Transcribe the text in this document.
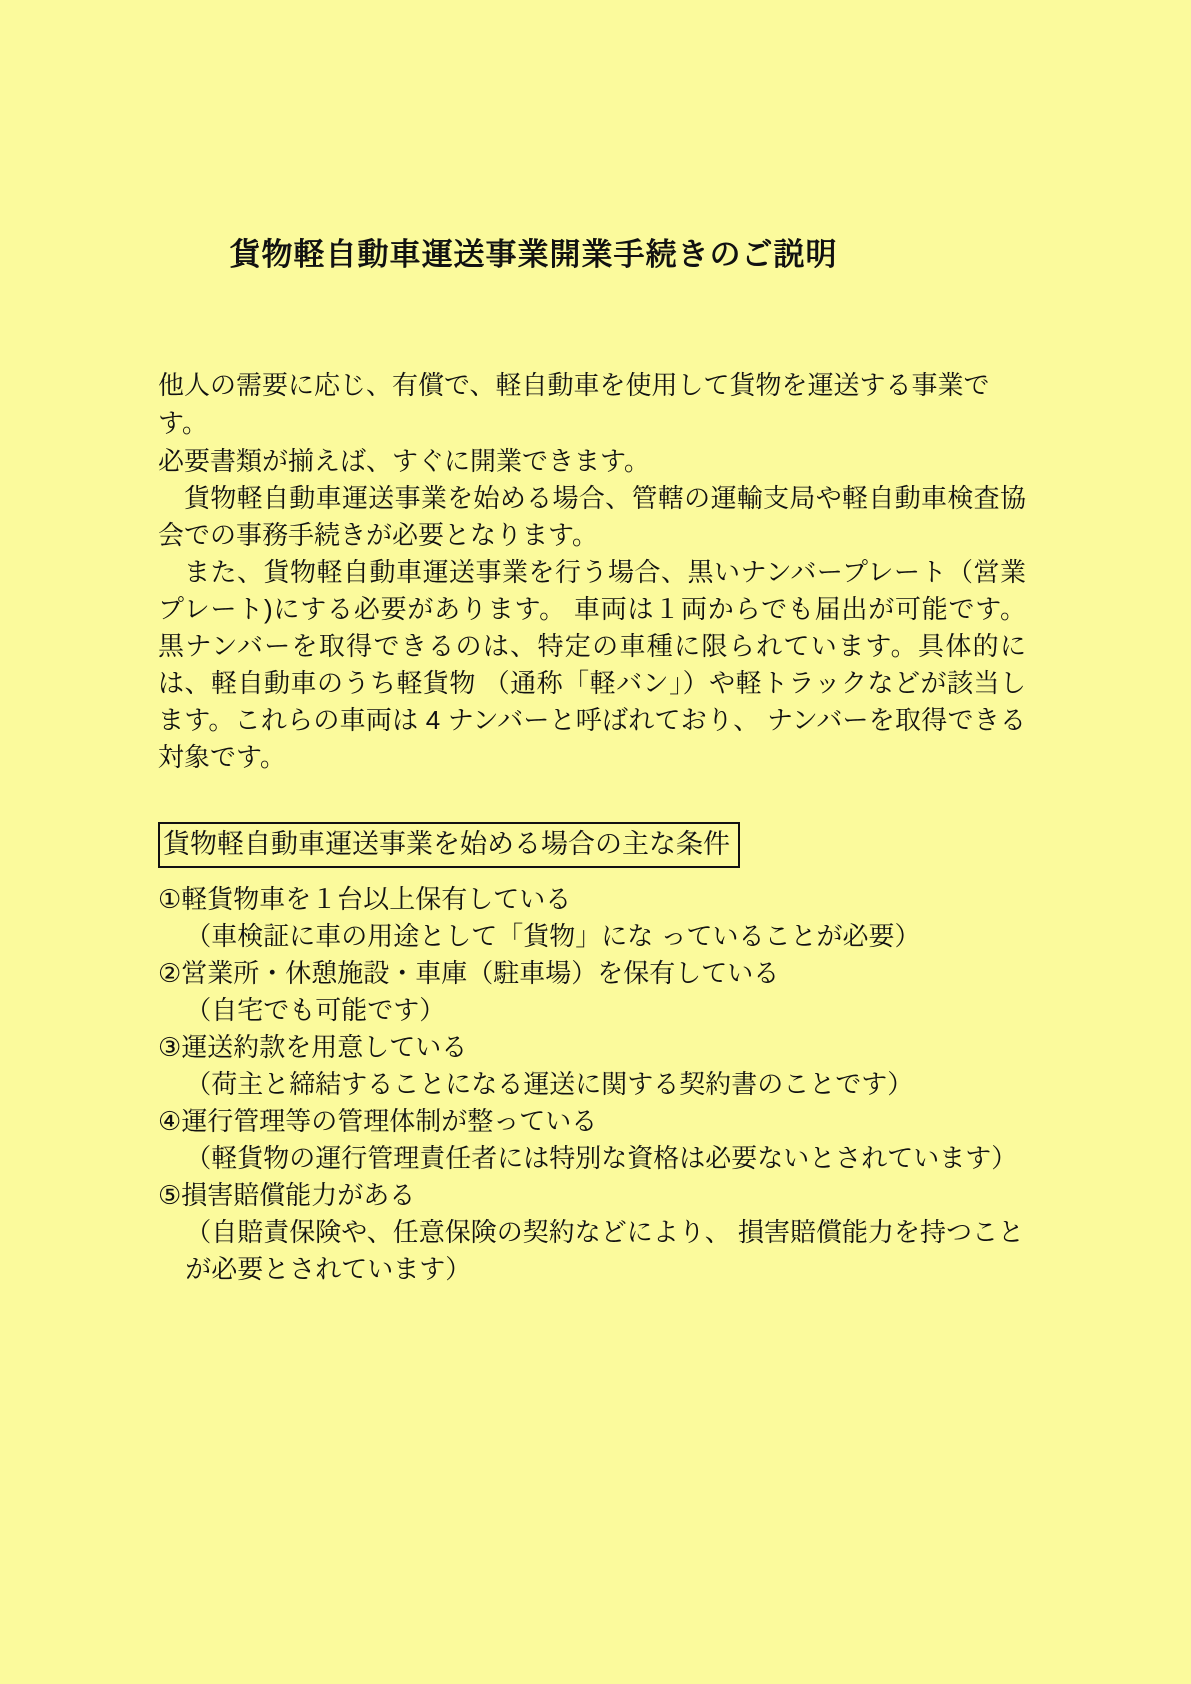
貨物軽自動車運送事業開業手続きのご説明
他人の需要に応じ、有償で、軽自動車を使用して貨物を運送する事業です。
必要書類が揃えば、すぐに開業できます。

貨物軽自動車運送事業を始める場合、管轄の運輸支局や軽自動車検査協会での事務手続きが必要となります。

また、貨物軽自動車運送事業を行う場合、黒いナンバープレート（営業プレート)にする必要があります。 車両は１両からでも届出が可能です。黒ナンバーを取得できるのは、特定の車種に限られています。具体的には、軽自動車のうち軽貨物 （通称「軽バン」）や軽トラックなどが該当します。これらの車両は 4 ナンバーと呼ばれており、 ナンバーを取得できる対象です。

貨物軽自動車運送事業を始める場合の主な条件
①軽貨物車を１台以上保有している
（車検証に車の用途として「貨物」にな っていることが必要）
②営業所・休憩施設・車庫（駐車場）を保有している
（自宅でも可能です）
③運送約款を用意している
（荷主と締結することになる運送に関する契約書のことです）
④運行管理等の管理体制が整っている
（軽貨物の運行管理責任者には特別な資格は必要ないとされています）
⑤損害賠償能力がある
（自賠責保険や、任意保険の契約などにより、 損害賠償能力を持つことが必要とされています）
